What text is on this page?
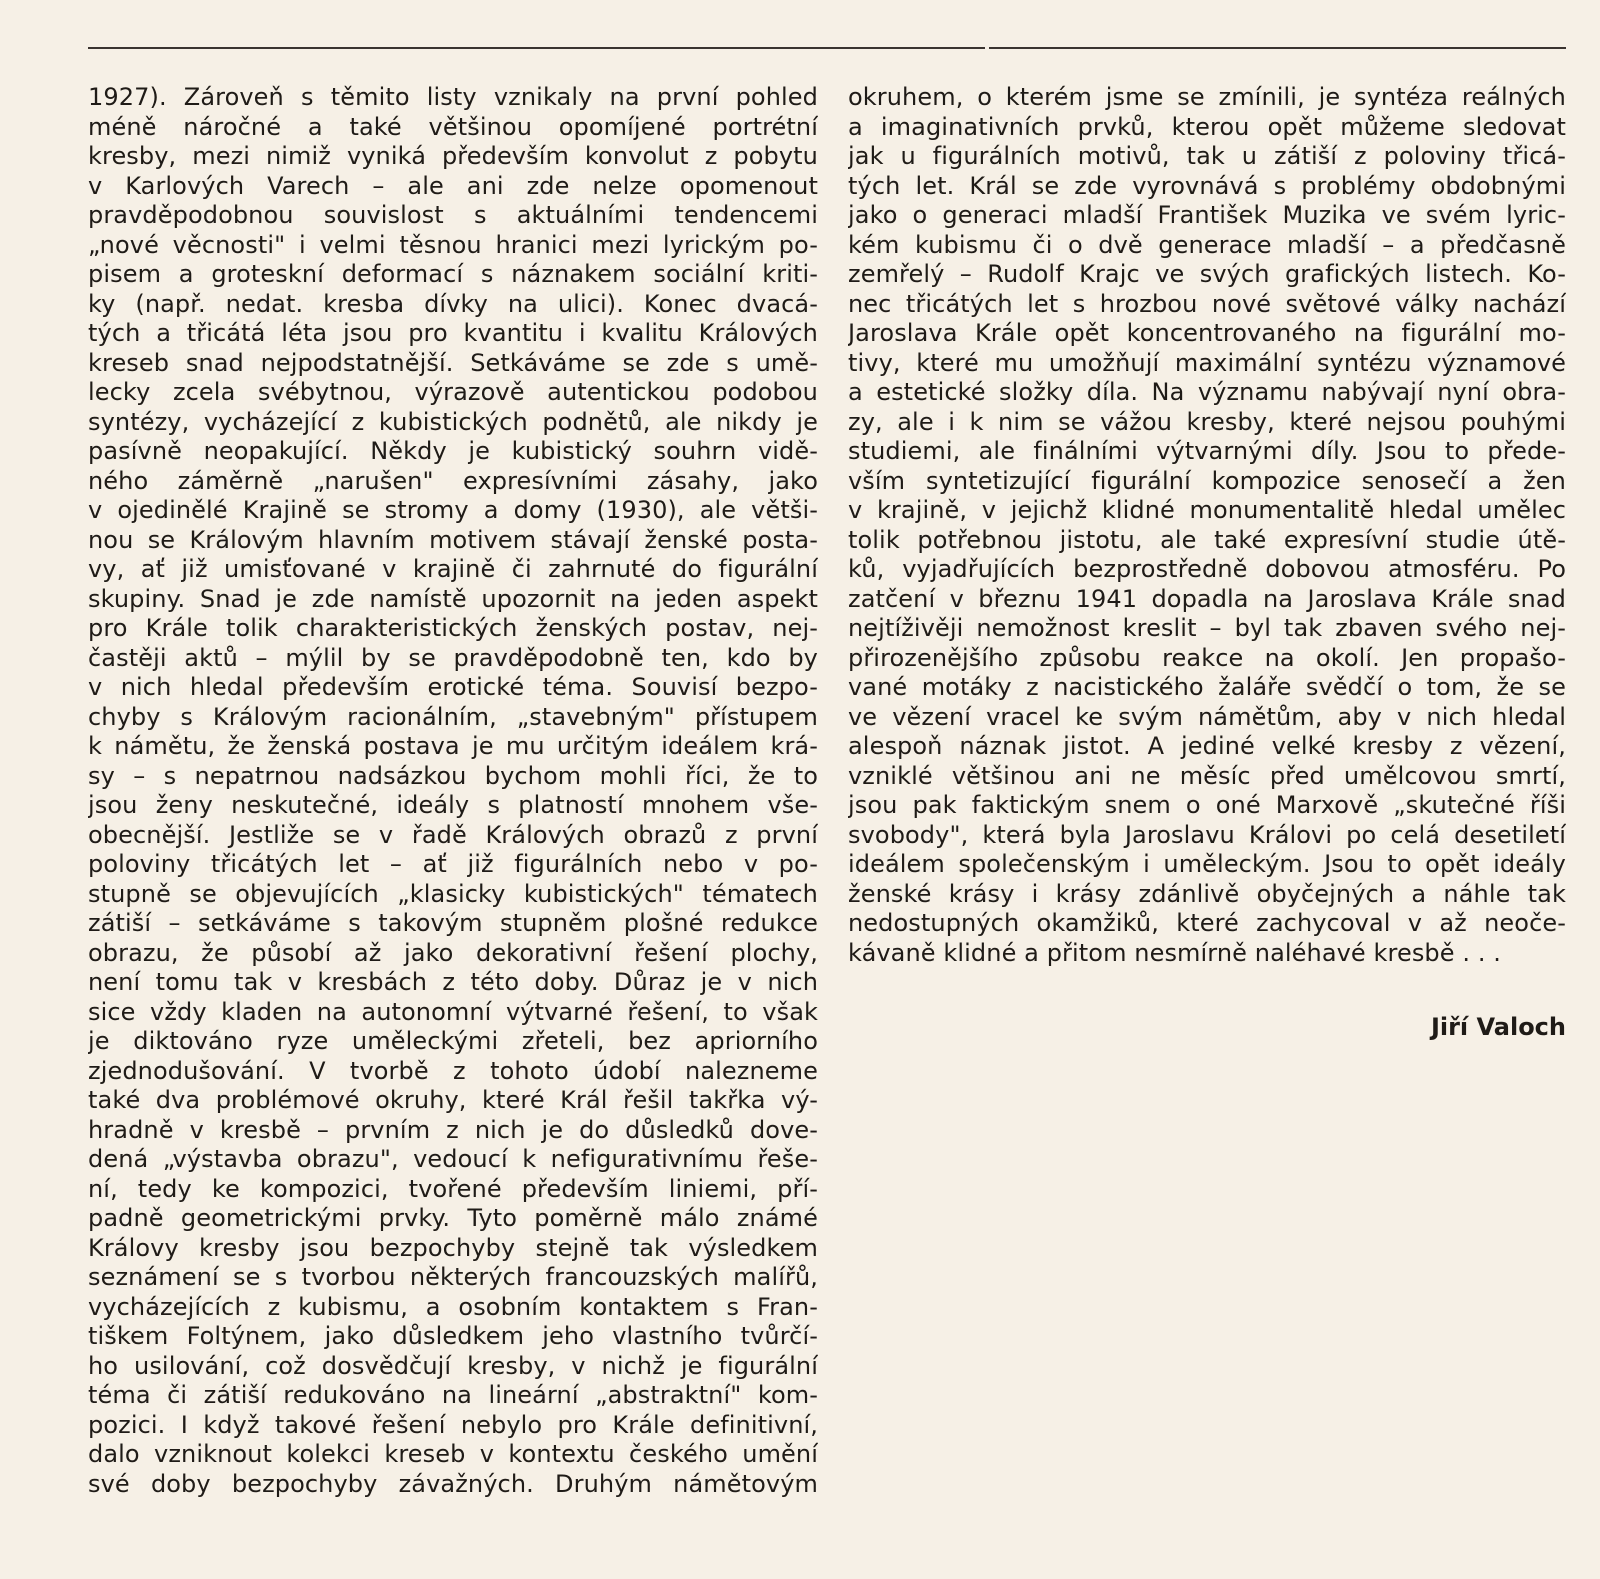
1927). Zároveň s těmito listy vznikaly na první pohled
méně náročné a také většinou opomíjené portrétní
kresby, mezi nimiž vyniká především konvolut z pobytu
v Karlových Varech – ale ani zde nelze opomenout
pravděpodobnou souvislost s aktuálními tendencemi
„nové věcnosti" i velmi těsnou hranici mezi lyrickým po-
pisem a groteskní deformací s náznakem sociální kriti-
ky (např. nedat. kresba dívky na ulici). Konec dvacá-
tých a třicátá léta jsou pro kvantitu i kvalitu Králových
kreseb snad nejpodstatnější. Setkáváme se zde s umě-
lecky zcela svébytnou, výrazově autentickou podobou
syntézy, vycházející z kubistických podnětů, ale nikdy je
pasívně neopakující. Někdy je kubistický souhrn vidě-
ného záměrně „narušen" expresívními zásahy, jako
v ojedinělé Krajině se stromy a domy (1930), ale větši-
nou se Královým hlavním motivem stávají ženské posta-
vy, ať již umisťované v krajině či zahrnuté do figurální
skupiny. Snad je zde namístě upozornit na jeden aspekt
pro Krále tolik charakteristických ženských postav, nej-
častěji aktů – mýlil by se pravděpodobně ten, kdo by
v nich hledal především erotické téma. Souvisí bezpo-
chyby s Královým racionálním, „stavebným" přístupem
k námětu, že ženská postava je mu určitým ideálem krá-
sy – s nepatrnou nadsázkou bychom mohli říci, že to
jsou ženy neskutečné, ideály s platností mnohem vše-
obecnější. Jestliže se v řadě Králových obrazů z první
poloviny třicátých let – ať již figurálních nebo v po-
stupně se objevujících „klasicky kubistických" tématech
zátiší – setkáváme s takovým stupněm plošné redukce
obrazu, že působí až jako dekorativní řešení plochy,
není tomu tak v kresbách z této doby. Důraz je v nich
sice vždy kladen na autonomní výtvarné řešení, to však
je diktováno ryze uměleckými zřeteli, bez apriorního
zjednodušování. V tvorbě z tohoto údobí nalezneme
také dva problémové okruhy, které Král řešil takřka vý-
hradně v kresbě – prvním z nich je do důsledků dove-
dená „výstavba obrazu", vedoucí k nefigurativnímu řeše-
ní, tedy ke kompozici, tvořené především liniemi, pří-
padně geometrickými prvky. Tyto poměrně málo známé
Královy kresby jsou bezpochyby stejně tak výsledkem
seznámení se s tvorbou některých francouzských malířů,
vycházejících z kubismu, a osobním kontaktem s Fran-
tiškem Foltýnem, jako důsledkem jeho vlastního tvůrčí-
ho usilování, což dosvědčují kresby, v nichž je figurální
téma či zátiší redukováno na lineární „abstraktní" kom-
pozici. I když takové řešení nebylo pro Krále definitivní,
dalo vzniknout kolekci kreseb v kontextu českého umění
své doby bezpochyby závažných. Druhým námětovým
okruhem, o kterém jsme se zmínili, je syntéza reálných
a imaginativních prvků, kterou opět můžeme sledovat
jak u figurálních motivů, tak u zátiší z poloviny třicá-
tých let. Král se zde vyrovnává s problémy obdobnými
jako o generaci mladší František Muzika ve svém lyric-
kém kubismu či o dvě generace mladší – a předčasně
zemřelý – Rudolf Krajc ve svých grafických listech. Ko-
nec třicátých let s hrozbou nové světové války nachází
Jaroslava Krále opět koncentrovaného na figurální mo-
tivy, které mu umožňují maximální syntézu významové
a estetické složky díla. Na významu nabývají nyní obra-
zy, ale i k nim se vážou kresby, které nejsou pouhými
studiemi, ale finálními výtvarnými díly. Jsou to přede-
vším syntetizující figurální kompozice senosečí a žen
v krajině, v jejichž klidné monumentalitě hledal umělec
tolik potřebnou jistotu, ale také expresívní studie útě-
ků, vyjadřujících bezprostředně dobovou atmosféru. Po
zatčení v březnu 1941 dopadla na Jaroslava Krále snad
nejtíživěji nemožnost kreslit – byl tak zbaven svého nej-
přirozenějšího způsobu reakce na okolí. Jen propašo-
vané motáky z nacistického žaláře svědčí o tom, že se
ve vězení vracel ke svým námětům, aby v nich hledal
alespoň náznak jistot. A jediné velké kresby z vězení,
vzniklé většinou ani ne měsíc před umělcovou smrtí,
jsou pak faktickým snem o oné Marxově „skutečné říši
svobody", která byla Jaroslavu Královi po celá desetiletí
ideálem společenským i uměleckým. Jsou to opět ideály
ženské krásy i krásy zdánlivě obyčejných a náhle tak
nedostupných okamžiků, které zachycoval v až neoče-
kávaně klidné a přitom nesmírně naléhavé kresbě . . .
Jiří Valoch
